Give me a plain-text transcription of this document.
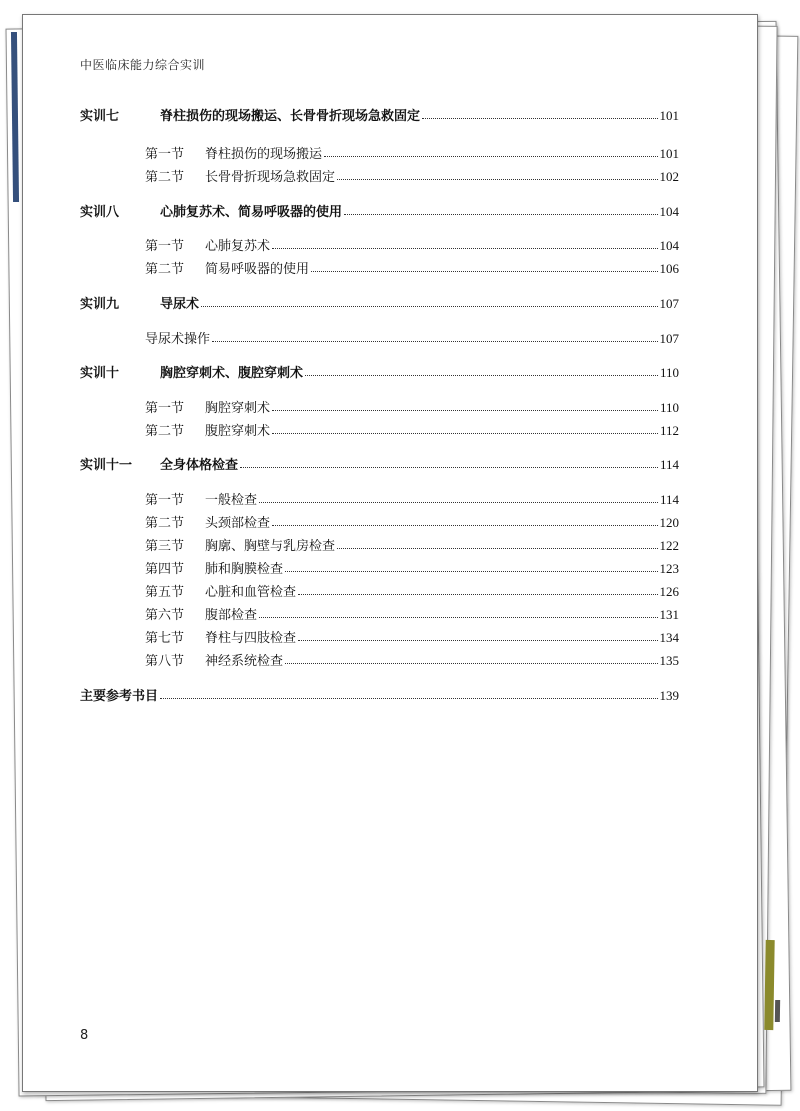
中医临床能力综合实训
实训七	脊柱损伤的现场搬运、长骨骨折现场急救固定	101
第一节	脊柱损伤的现场搬运	101
第二节	长骨骨折现场急救固定	102
实训八	心肺复苏术、简易呼吸器的使用	104
第一节	心肺复苏术	104
第二节	简易呼吸器的使用	106
实训九	导尿术	107
导尿术操作	107
实训十	胸腔穿刺术、腹腔穿刺术	110
第一节	胸腔穿刺术	110
第二节	腹腔穿刺术	112
实训十一	全身体格检查	114
第一节	一般检查	114
第二节	头颈部检查	120
第三节	胸廓、胸壁与乳房检查	122
第四节	肺和胸膜检查	123
第五节	心脏和血管检查	126
第六节	腹部检查	131
第七节	脊柱与四肢检查	134
第八节	神经系统检查	135
主要参考书目	139
8
